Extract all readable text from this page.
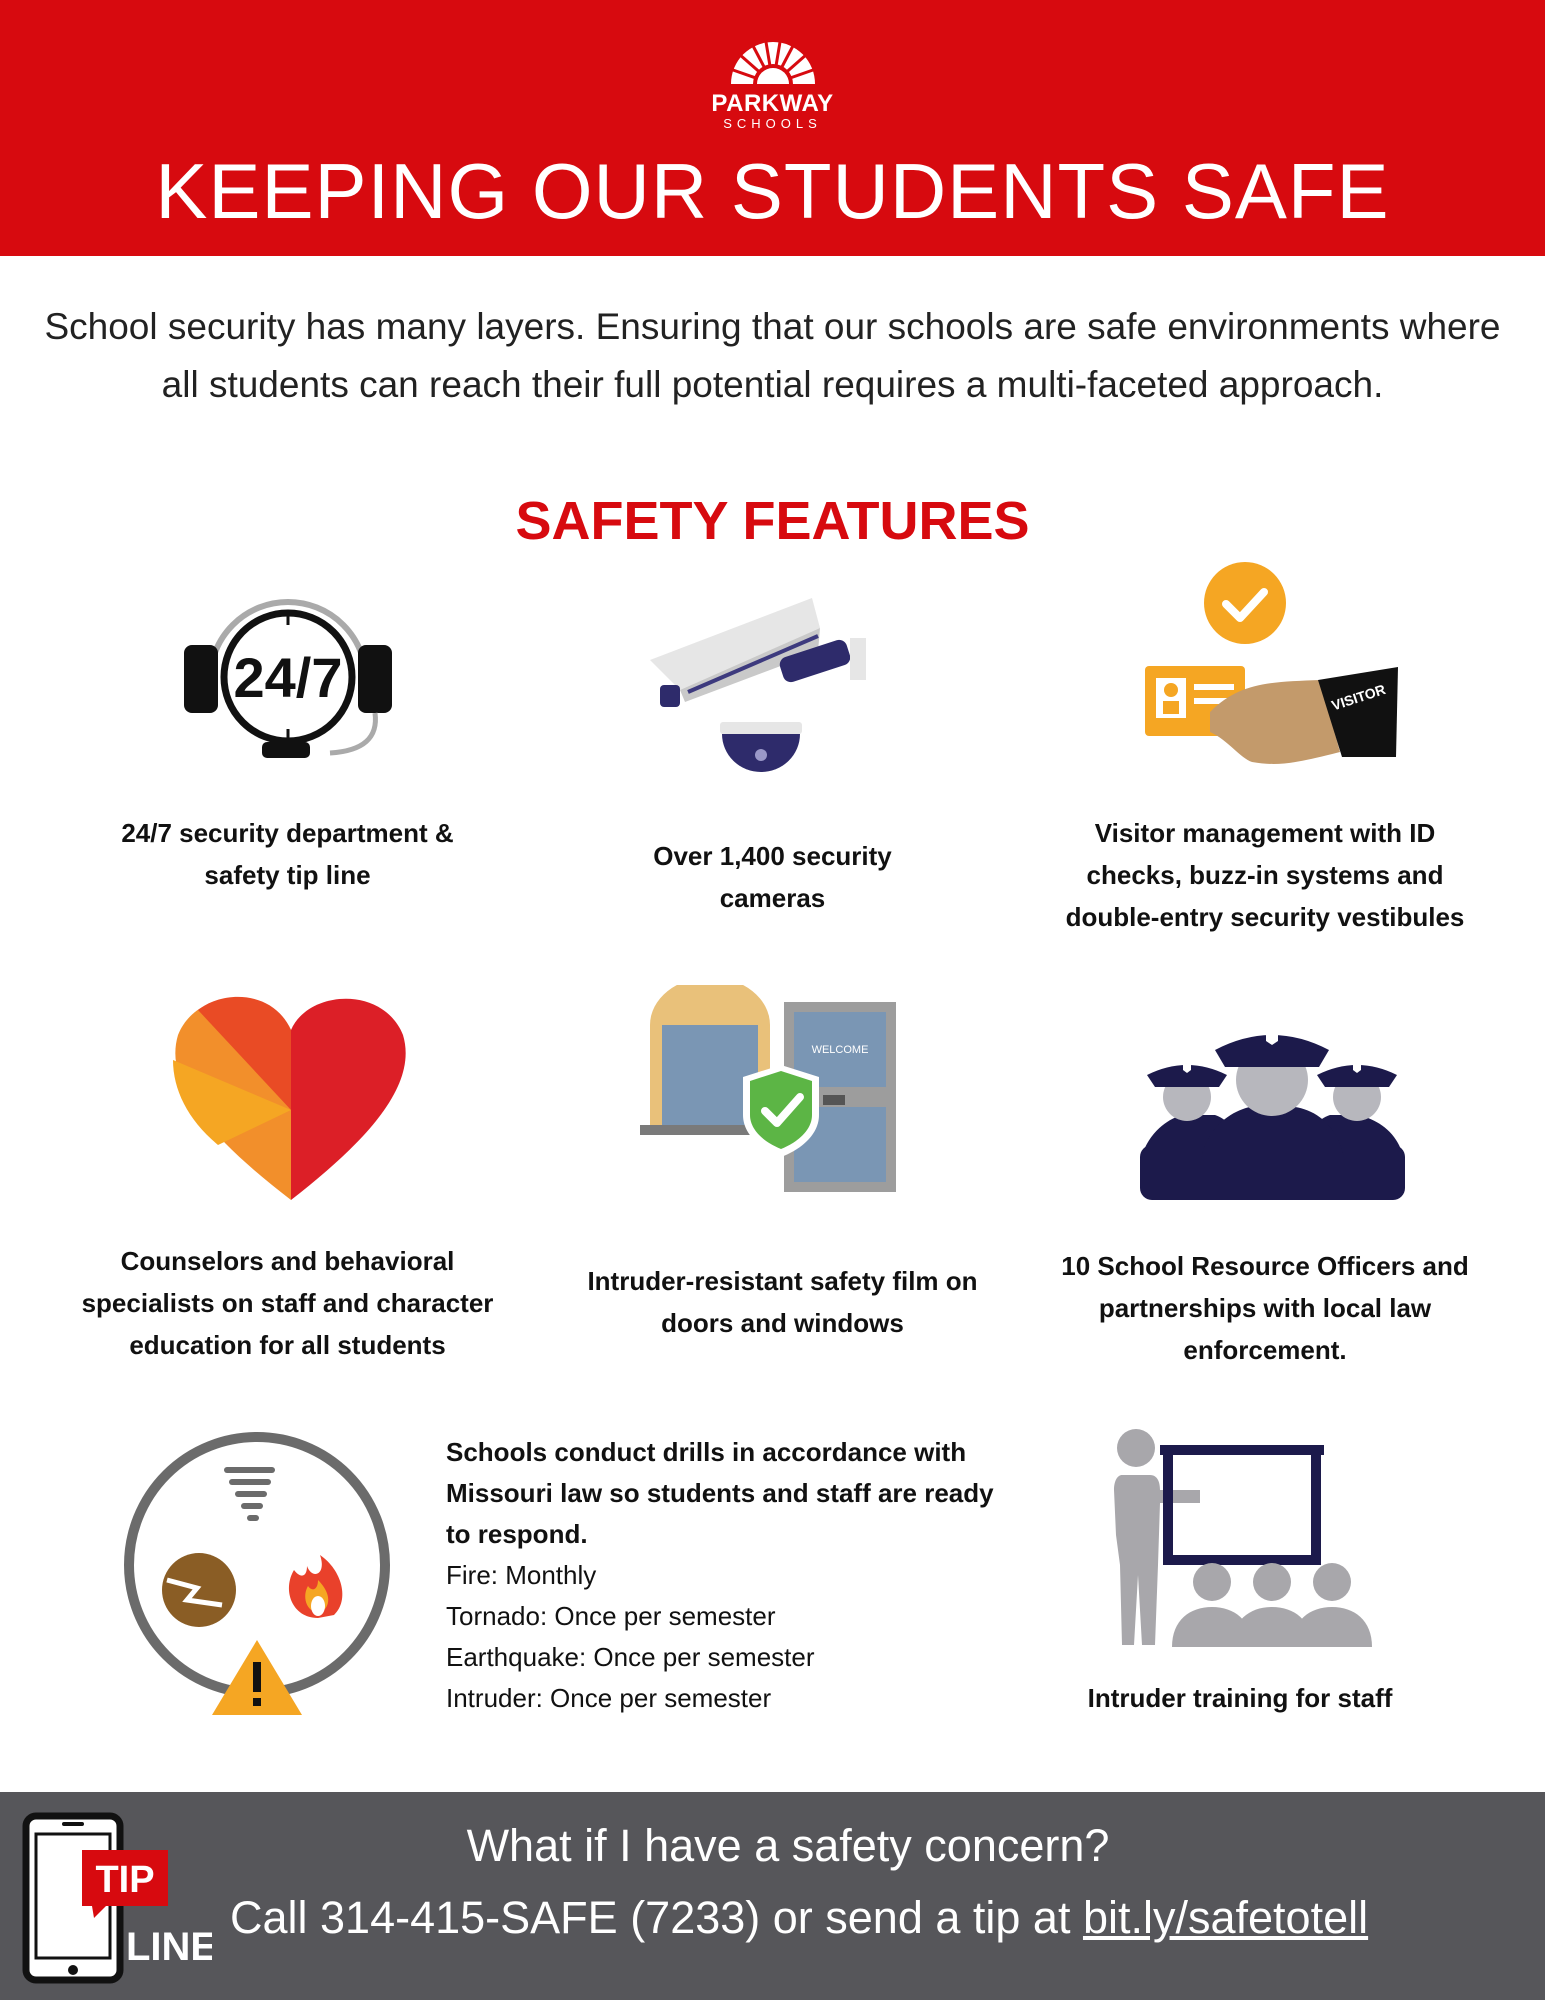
PARKWAY
SCHOOLS
KEEPING OUR STUDENTS SAFE
School security has many layers. Ensuring that our schools are safe environments where all students can reach their full potential requires a multi-faceted approach.
SAFETY FEATURES
24/7
24/7 security department & safety tip line
Over 1,400 security cameras
VISITOR
Visitor management with ID checks, buzz-in systems and double-entry security vestibules
Counselors and behavioral specialists on staff and character education for all students
WELCOME
Intruder-resistant safety film on doors and windows
10 School Resource Officers and partnerships with local law enforcement.
Schools conduct drills in accordance with Missouri law so students and staff are ready to respond.
Fire: Monthly
Tornado: Once per semester
Earthquake: Once per semester
Intruder: Once per semester	Intruder training for staff
TIP
LINE
What if I have a safety concern?
Call 314-415-SAFE (7233) or send a tip at bit.ly/safetotell
